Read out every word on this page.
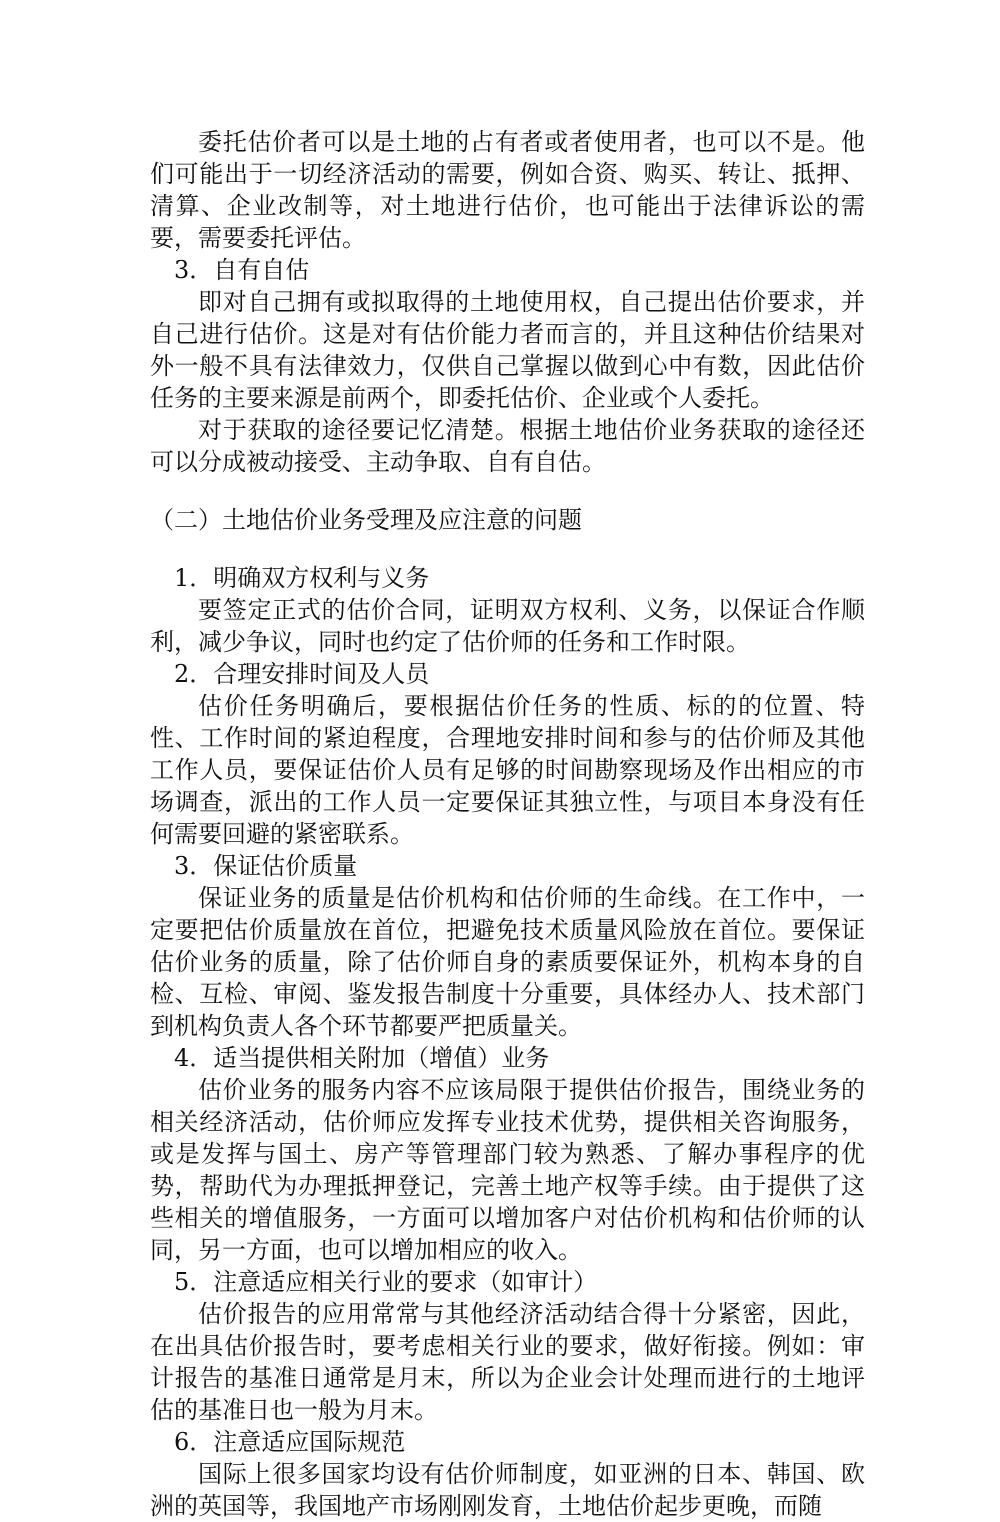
委托估价者可以是土地的占有者或者使用者，也可以不是。他们可能出于一切经济活动的需要，例如合资、购买、转让、抵押、清算、企业改制等，对土地进行估价，也可能出于法律诉讼的需要，需要委托评估。

3．自有自估

即对自己拥有或拟取得的土地使用权，自己提出估价要求，并自己进行估价。这是对有估价能力者而言的，并且这种估价结果对外一般不具有法律效力，仅供自己掌握以做到心中有数，因此估价任务的主要来源是前两个，即委托估价、企业或个人委托。

对于获取的途径要记忆清楚。根据土地估价业务获取的途径还可以分成被动接受、主动争取、自有自估。

（二）土地估价业务受理及应注意的问题
1．明确双方权利与义务

要签定正式的估价合同，证明双方权利、义务，以保证合作顺利，减少争议，同时也约定了估价师的任务和工作时限。

2．合理安排时间及人员

估价任务明确后，要根据估价任务的性质、标的的位置、特性、工作时间的紧迫程度，合理地安排时间和参与的估价师及其他工作人员，要保证估价人员有足够的时间勘察现场及作出相应的市场调查，派出的工作人员一定要保证其独立性，与项目本身没有任何需要回避的紧密联系。

3．保证估价质量

保证业务的质量是估价机构和估价师的生命线。在工作中，一定要把估价质量放在首位，把避免技术质量风险放在首位。要保证估价业务的质量，除了估价师自身的素质要保证外，机构本身的自检、互检、审阅、鉴发报告制度十分重要，具体经办人、技术部门到机构负责人各个环节都要严把质量关。

4．适当提供相关附加（增值）业务

估价业务的服务内容不应该局限于提供估价报告，围绕业务的相关经济活动，估价师应发挥专业技术优势，提供相关咨询服务，或是发挥与国土、房产等管理部门较为熟悉、了解办事程序的优势，帮助代为办理抵押登记，完善土地产权等手续。由于提供了这些相关的增值服务，一方面可以增加客户对估价机构和估价师的认同，另一方面，也可以增加相应的收入。

5．注意适应相关行业的要求（如审计）

估价报告的应用常常与其他经济活动结合得十分紧密，因此，在出具估价报告时，要考虑相关行业的要求，做好衔接。例如：审计报告的基准日通常是月末，所以为企业会计处理而进行的土地评估的基准日也一般为月末。

6．注意适应国际规范

国际上很多国家均设有估价师制度，如亚洲的日本、韩国、欧洲的英国等，我国地产市场刚刚发育，土地估价起步更晚，而随
